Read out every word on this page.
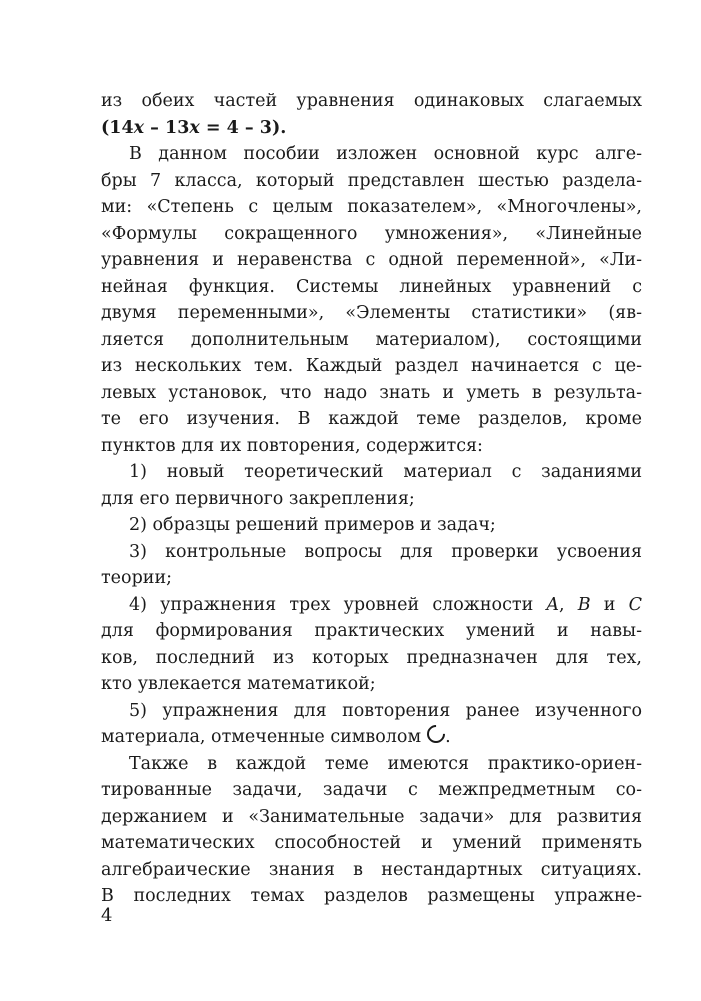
из обеих частей уравнения одинаковых слагаемых
(14x – 13x = 4 – 3).
В данном пособии изложен основной курс алге-
бры 7 класса, который представлен шестью раздела-
ми: «Степень с целым показателем», «Многочлены»,
«Формулы сокращенного умножения», «Линейные
уравнения и неравенства с одной переменной», «Ли-
нейная функция. Системы линейных уравнений с
двумя переменными», «Элементы статистики» (яв-
ляется дополнительным материалом), состоящими
из нескольких тем. Каждый раздел начинается с це-
левых установок, что надо знать и уметь в результа-
те его изучения. В каждой теме разделов, кроме
пунктов для их повторения, содержится:
1) новый теоретический материал с заданиями
для его первичного закрепления;
2) образцы решений примеров и задач;
3) контрольные вопросы для проверки усвоения
теории;
4) упражнения трех уровней сложности A, B и C
для формирования практических умений и навы-
ков, последний из которых предназначен для тех,
кто увлекается математикой;
5) упражнения для повторения ранее изученного
материала, отмеченные символом .
Также в каждой теме имеются практико-ориен-
тированные задачи, задачи с межпредметным со-
держанием и «Занимательные задачи» для развития
математических способностей и умений применять
алгебраические знания в нестандартных ситуациях.
В последних темах разделов размещены упражне-
4
